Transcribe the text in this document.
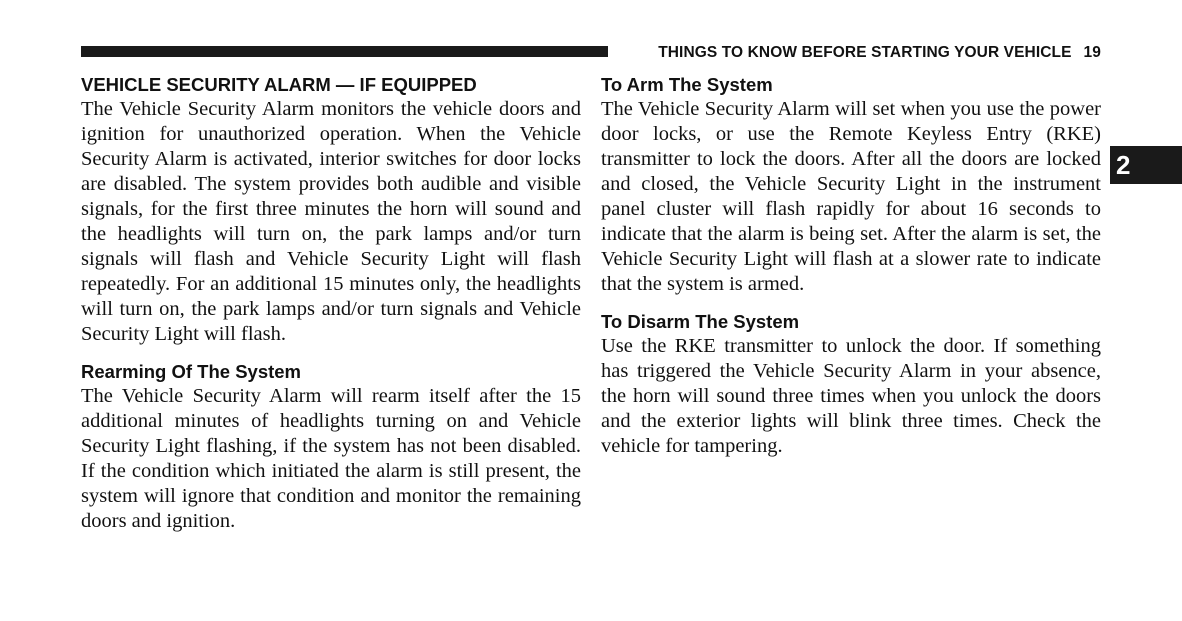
THINGS TO KNOW BEFORE STARTING YOUR VEHICLE 19
2
VEHICLE SECURITY ALARM — IF EQUIPPED

The Vehicle Security Alarm monitors the vehicle doors and ignition for unauthorized operation. When the Vehicle Security Alarm is activated, interior switches for door locks are disabled. The system provides both audible and visible signals, for the first three minutes the horn will sound and the headlights will turn on, the park lamps and/or turn signals will flash and Vehicle Security Light will flash repeatedly. For an additional 15 minutes only, the headlights will turn on, the park lamps and/or turn signals and Vehicle Security Light will flash.

Rearming Of The System

The Vehicle Security Alarm will rearm itself after the 15 additional minutes of headlights turning on and Vehicle Security Light flashing, if the system has not been disabled. If the condition which initiated the alarm is still present, the system will ignore that condition and monitor the remaining doors and ignition.

To Arm The System

The Vehicle Security Alarm will set when you use the power door locks, or use the Remote Keyless Entry (RKE) transmitter to lock the doors. After all the doors are locked and closed, the Vehicle Security Light in the instrument panel cluster will flash rapidly for about 16 seconds to indicate that the alarm is being set. After the alarm is set, the Vehicle Security Light will flash at a slower rate to indicate that the system is armed.

To Disarm The System

Use the RKE transmitter to unlock the door. If something has triggered the Vehicle Security Alarm in your absence, the horn will sound three times when you unlock the doors and the exterior lights will blink three times. Check the vehicle for tampering.
